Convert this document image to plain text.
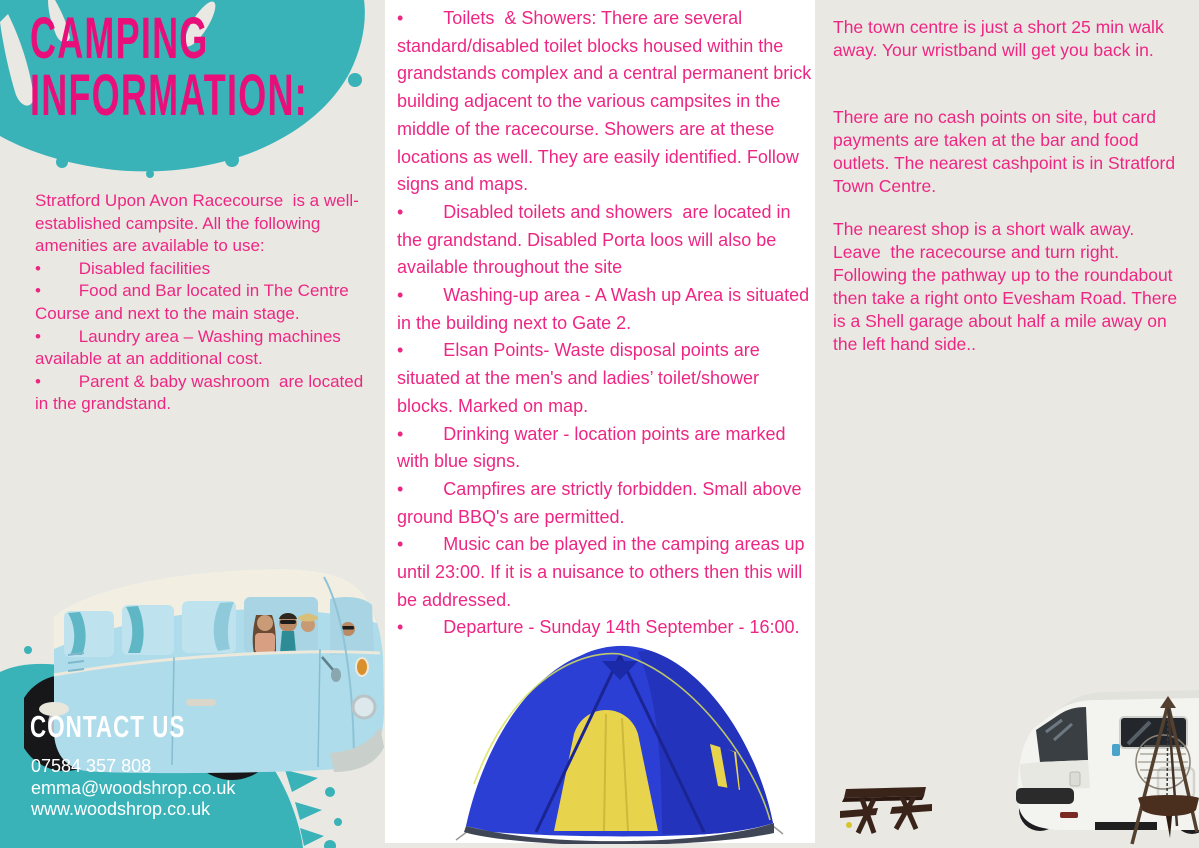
CAMPING
INFORMATION:

Stratford Upon Avon Racecourse  is a well-established campsite. All the following amenities are available to use:

•        Disabled facilities

•        Food and Bar located in The Centre Course and next to the main stage.

•        Laundry area – Washing machines available at an additional cost.

•        Parent & baby washroom  are located in the grandstand.

CONTACT US

07584 357 808

emma@woodshrop.co.uk

www.woodshrop.co.uk

•        Toilets  & Showers: There are several standard/disabled toilet blocks housed within the grandstands complex and a central permanent brick building adjacent to the various campsites in the middle of the racecourse. Showers are at these locations as well. They are easily identified. Follow signs and maps.

•        Disabled toilets and showers  are located in the grandstand. Disabled Porta loos will also be available throughout the site

•        Washing-up area - A Wash up Area is situated in the building next to Gate 2.

•        Elsan Points- Waste disposal points are situated at the men's and ladies’ toilet/shower blocks. Marked on map.

•        Drinking water - location points are marked with blue signs.

•        Campfires are strictly forbidden. Small above ground BBQ's are permitted.

•        Music can be played in the camping areas up until 23:00. If it is a nuisance to others then this will be addressed.

•        Departure - Sunday 14th September - 16:00.

The town centre is just a short 25 min walk away. Your wristband will get you back in.

There are no cash points on site, but card payments are taken at the bar and food outlets. The nearest cashpoint is in Stratford Town Centre.

The nearest shop is a short walk away. Leave  the racecourse and turn right. Following the pathway up to the roundabout then take a right onto Evesham Road. There is a Shell garage about half a mile away on the left hand side..
